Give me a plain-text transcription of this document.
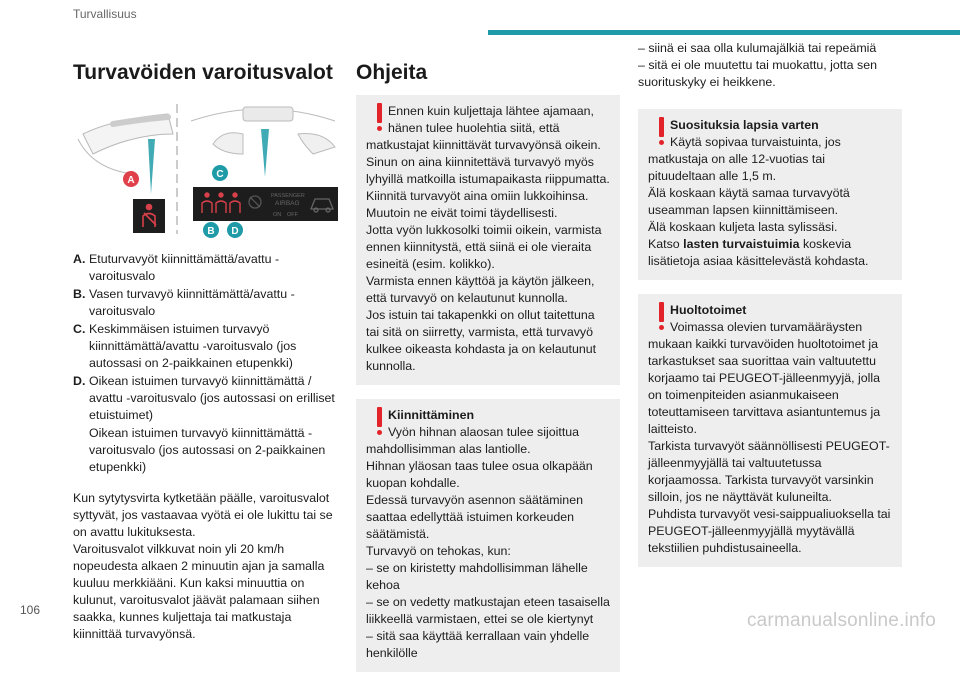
Turvallisuus
Turvavöiden varoitusvalot
PASSENGER
AIRBAG
ON OFF
A
C
B D
A. Etuturvavyöt kiinnittämättä/avattu -varoitusvalo
B. Vasen turvavyö kiinnittämättä/avattu -varoitusvalo
C. Keskimmäisen istuimen turvavyö kiinnittämättä/avattu -varoitusvalo (jos autossasi on 2-paikkainen etupenkki)
D. Oikean istuimen turvavyö kiinnittämättä / avattu -varoitusvalo (jos autossasi on erilliset etuistuimet)
Oikean istuimen turvavyö kiinnittämättä -varoitusvalo (jos autossasi on 2-paikkainen etupenkki)
Kun sytytysvirta kytketään päälle, varoitusvalot syttyvät, jos vastaavaa vyötä ei ole lukittu tai se on avattu lukituksesta.
Varoitusvalot vilkkuvat noin yli 20 km/h nopeudesta alkaen 2 minuutin ajan ja samalla kuuluu merkkiääni. Kun kaksi minuuttia on kulunut, varoitusvalot jäävät palamaan siihen saakka, kunnes kuljettaja tai matkustaja kiinnittää turvavyönsä.
Ohjeita
Ennen kuin kuljettaja lähtee ajamaan, hänen tulee huolehtia siitä, että
matkustajat kiinnittävät turvavyönsä oikein.
Sinun on aina kiinnitettävä turvavyö myös lyhyillä matkoilla istumapaikasta riippumatta.
Kiinnitä turvavyöt aina omiin lukkoihinsa.
Muutoin ne eivät toimi täydellisesti.
Jotta vyön lukkosolki toimii oikein, varmista ennen kiinnitystä, että siinä ei ole vieraita esineitä (esim. kolikko).
Varmista ennen käyttöä ja käytön jälkeen, että turvavyö on kelautunut kunnolla.
Jos istuin tai takapenkki on ollut taitettuna tai sitä on siirretty, varmista, että turvavyö kulkee oikeasta kohdasta ja on kelautunut kunnolla.
Kiinnittäminen
Vyön hihnan alaosan tulee sijoittua
mahdollisimman alas lantiolle.
Hihnan yläosan taas tulee osua olkapään kuopan kohdalle.
Edessä turvavyön asennon säätäminen saattaa edellyttää istuimen korkeuden säätämistä.
Turvavyö on tehokas, kun:
– se on kiristetty mahdollisimman lähelle kehoa
– se on vedetty matkustajan eteen tasaisella liikkeellä varmistaen, ettei se ole kiertynyt
– sitä saa käyttää kerrallaan vain yhdelle henkilölle
– siinä ei saa olla kulumajälkiä tai repeämiä
– sitä ei ole muutettu tai muokattu, jotta sen suorituskyky ei heikkene.
Suosituksia lapsia varten
Käytä sopivaa turvaistuinta, jos
matkustaja on alle 12-vuotias tai pituudeltaan alle 1,5 m.
Älä koskaan käytä samaa turvavyötä useamman lapsen kiinnittämiseen.
Älä koskaan kuljeta lasta sylissäsi.
Katso lasten turvaistuimia koskevia lisätietoja asiaa käsittelevästä kohdasta.
Huoltotoimet
Voimassa olevien turvamääräysten
mukaan kaikki turvavöiden huoltotoimet ja tarkastukset saa suorittaa vain valtuutettu korjaamo tai PEUGEOT-jälleenmyyjä, jolla on toimenpiteiden asianmukaiseen toteuttamiseen tarvittava asiantuntemus ja laitteisto.
Tarkista turvavyöt säännöllisesti PEUGEOT-jälleenmyyjällä tai valtuutetussa korjaamossa. Tarkista turvavyöt varsinkin silloin, jos ne näyttävät kuluneilta.
Puhdista turvavyöt vesi-saippualiuoksella tai PEUGEOT-jälleenmyyjällä myytävällä tekstiilien puhdistusaineella.
106	carmanualsonline.info
